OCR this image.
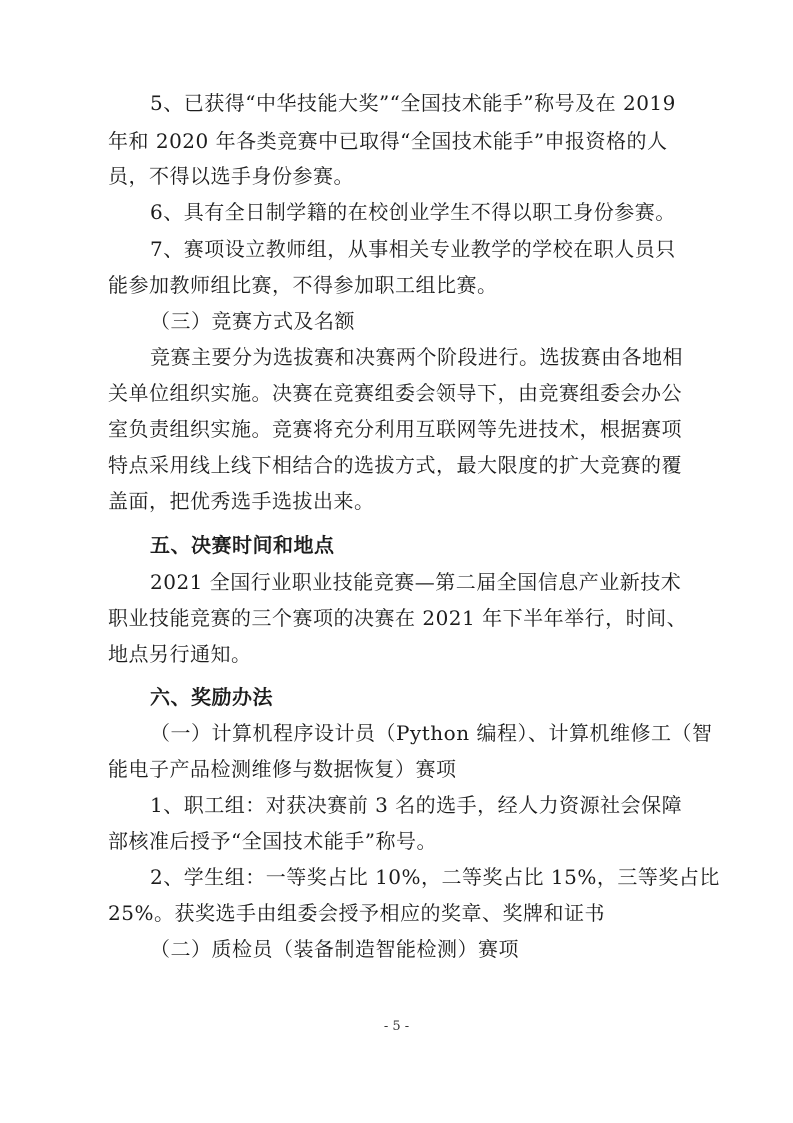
5、已获得“中华技能大奖”“全国技术能手”称号及在 2019
年和 2020 年各类竞赛中已取得“全国技术能手”申报资格的人
员，不得以选手身份参赛。
6、具有全日制学籍的在校创业学生不得以职工身份参赛。
7、赛项设立教师组，从事相关专业教学的学校在职人员只
能参加教师组比赛，不得参加职工组比赛。
（三）竞赛方式及名额
竞赛主要分为选拔赛和决赛两个阶段进行。选拔赛由各地相
关单位组织实施。决赛在竞赛组委会领导下，由竞赛组委会办公
室负责组织实施。竞赛将充分利用互联网等先进技术，根据赛项
特点采用线上线下相结合的选拔方式，最大限度的扩大竞赛的覆
盖面，把优秀选手选拔出来。
五、决赛时间和地点
2021 全国行业职业技能竞赛—第二届全国信息产业新技术
职业技能竞赛的三个赛项的决赛在 2021 年下半年举行，时间、
地点另行通知。
六、奖励办法
（一）计算机程序设计员（Python 编程）、计算机维修工（智
能电子产品检测维修与数据恢复）赛项
1、职工组：对获决赛前 3 名的选手，经人力资源社会保障
部核准后授予“全国技术能手”称号。
2、学生组：一等奖占比 10%，二等奖占比 15%，三等奖占比
25%。获奖选手由组委会授予相应的奖章、奖牌和证书
（二）质检员（装备制造智能检测）赛项
- 5 -
